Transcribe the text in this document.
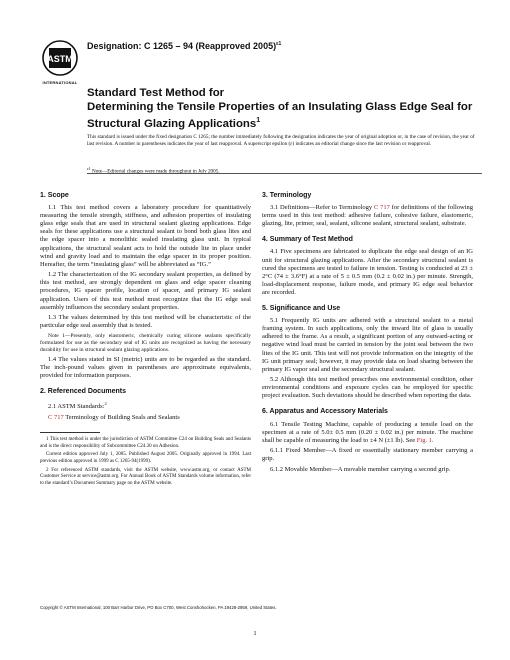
ASTM
INTERNATIONAL
Designation: C 1265 – 94 (Reapproved 2005)$^{\varepsilon 1}$
Standard Test Method for
Determining the Tensile Properties of an Insulating Glass Edge Seal for Structural Glazing Applications$^1$
This standard is issued under the fixed designation C 1265; the number immediately following the designation indicates the year of original adoption or, in the case of revision, the year of last revision. A number in parentheses indicates the year of last reapproval. A superscript epsilon (ε) indicates an editorial change since the last revision or reapproval.
$^{\varepsilon 1}$ Note—Editorial changes were made throughout in July 2005.
1. Scope

1.1 This test method covers a laboratory procedure for quantitatively measuring the tensile strength, stiffness, and adhesion properties of insulating glass edge seals that are used in structural sealant glazing applications. Edge seals for these applications use a structural sealant to bond both glass lites and the edge spacer into a monolithic sealed insulating glass unit. In typical applications, the structural sealant acts to hold the outside lite in place under wind and gravity load and to maintain the edge spacer in its proper position. Hereafter, the term “insulating glass” will be abbreviated as “IG.”

1.2 The characterization of the IG secondary sealant properties, as defined by this test method, are strongly dependent on glass and edge spacer cleaning procedures, IG spacer profile, location of spacer, and primary IG sealant application. Users of this test method must recognize that the IG edge seal assembly influences the secondary sealant properties.

1.3 The values determined by this test method will be characteristic of the particular edge seal assembly that is tested.

Note 1—Presently, only elastomeric, chemically curing silicone sealants specifically formulated for use as the secondary seal of IG units are recognized as having the necessary durability for use in structural sealant glazing applications.

1.4 The values stated in SI (metric) units are to be regarded as the standard. The inch-pound values given in parentheses are approximate equivalents, provided for information purposes.

2. Referenced Documents

2.1 ASTM Standards:$^2$

C 717 Terminology of Building Seals and Sealants

1 This test method is under the jurisdiction of ASTM Committee C24 on Building Seals and Sealants and is the direct responsibility of Subcommittee C24.30 on Adhesion.

Current edition approved July 1, 2005. Published August 2005. Originally approved in 1994. Last previous edition approved in 1999 as C 1265-94(1999).

2 For referenced ASTM standards, visit the ASTM website, www.astm.org, or contact ASTM Customer Service at service@astm.org. For Annual Book of ASTM Standards volume information, refer to the standard’s Document Summary page on the ASTM website.

3. Terminology

3.1 Definitions—Refer to Terminology C 717 for definitions of the following terms used in this test method: adhesive failure, cohesive failure, elastomeric, glazing, lite, primer, seal, sealant, silicone sealant, structural sealant, substrate.

4. Summary of Test Method

4.1 Five specimens are fabricated to duplicate the edge seal design of an IG unit for structural glazing applications. After the secondary structural sealant is cured the specimens are tested to failure in tension. Testing is conducted at 23 ± 2°C (74 ± 3.6°F) at a rate of 5 ± 0.5 mm (0.2 ± 0.02 in.) per minute. Strength, load-displacement response, failure mode, and primary IG edge seal behavior are recorded.

5. Significance and Use

5.1 Frequently IG units are adhered with a structural sealant to a metal framing system. In such applications, only the inward lite of glass is usually adhered to the frame. As a result, a significant portion of any outward-acting or negative wind load must be carried in tension by the joint seal between the two lites of the IG unit. This test will not provide information on the integrity of the IG unit primary seal; however, it may provide data on load sharing between the primary IG vapor seal and the secondary structural sealant.

5.2 Although this test method prescribes one environmental condition, other environmental conditions and exposure cycles can be employed for specific project evaluation. Such deviations should be described when reporting the data.

6. Apparatus and Accessory Materials

6.1 Tensile Testing Machine, capable of producing a tensile load on the specimen at a rate of 5.0± 0.5 mm (0.20 ± 0.02 in.) per minute. The machine shall be capable of measuring the load to ±4 N (±1 lb). See Fig. 1.

6.1.1 Fixed Member—A fixed or essentially stationary member carrying a grip.

6.1.2 Movable Member—A movable member carrying a second grip.

Copyright © ASTM International, 100 Barr Harbor Drive, PO Box C700, West Conshohocken, PA 19428-2959, United States.
1
